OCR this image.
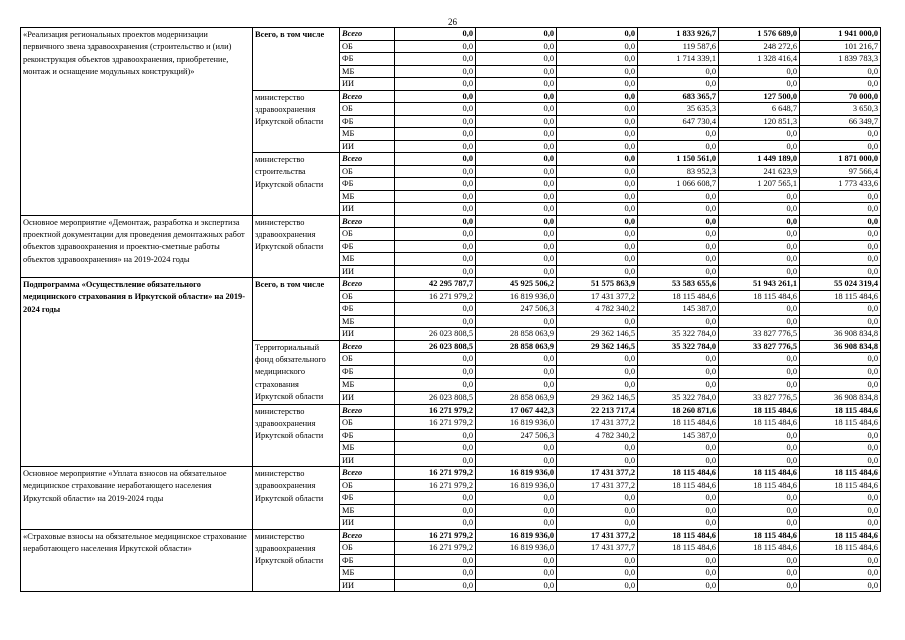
26
«Реализация региональных проектов модернизации первичного звена здравоохранения (строительство и (или) реконструкция объектов здравоохранения, приобретение, монтаж и оснащение модульных конструкций)»	Всего, в том числе	Всего	0,0	0,0	0,0	1 833 926,7	1 576 689,0	1 941 000,0
		ОБ	0,0	0,0	0,0	119 587,6	248 272,6	101 216,7
		ФБ	0,0	0,0	0,0	1 714 339,1	1 328 416,4	1 839 783,3
		МБ	0,0	0,0	0,0	0,0	0,0	0,0
		ИИ	0,0	0,0	0,0	0,0	0,0	0,0
	министерство здравоохранения Иркутской области	Всего	0,0	0,0	0,0	683 365,7	127 500,0	70 000,0
		ОБ	0,0	0,0	0,0	35 635,3	6 648,7	3 650,3
		ФБ	0,0	0,0	0,0	647 730,4	120 851,3	66 349,7
		МБ	0,0	0,0	0,0	0,0	0,0	0,0
		ИИ	0,0	0,0	0,0	0,0	0,0	0,0
	министерство строительства Иркутской области	Всего	0,0	0,0	0,0	1 150 561,0	1 449 189,0	1 871 000,0
		ОБ	0,0	0,0	0,0	83 952,3	241 623,9	97 566,4
		ФБ	0,0	0,0	0,0	1 066 608,7	1 207 565,1	1 773 433,6
		МБ	0,0	0,0	0,0	0,0	0,0	0,0
		ИИ	0,0	0,0	0,0	0,0	0,0	0,0
Основное мероприятие «Демонтаж, разработка и экспертиза проектной документации для проведения демонтажных работ объектов здравоохранения и проектно-сметные работы объектов здравоохранения» на 2019-2024 годы	министерство здравоохранения Иркутской области	Всего	0,0	0,0	0,0	0,0	0,0	0,0
		ОБ	0,0	0,0	0,0	0,0	0,0	0,0
		ФБ	0,0	0,0	0,0	0,0	0,0	0,0
		МБ	0,0	0,0	0,0	0,0	0,0	0,0
		ИИ	0,0	0,0	0,0	0,0	0,0	0,0
Подпрограмма «Осуществление обязательного медицинского страхования в Иркутской области» на 2019-2024 годы	Всего, в том числе	Всего	42 295 787,7	45 925 506,2	51 575 863,9	53 583 655,6	51 943 261,1	55 024 319,4
		ОБ	16 271 979,2	16 819 936,0	17 431 377,2	18 115 484,6	18 115 484,6	18 115 484,6
		ФБ	0,0	247 506,3	4 782 340,2	145 387,0	0,0	0,0
		МБ	0,0	0,0	0,0	0,0	0,0	0,0
		ИИ	26 023 808,5	28 858 063,9	29 362 146,5	35 322 784,0	33 827 776,5	36 908 834,8
	Территориальный фонд обязательного медицинского страхования Иркутской области	Всего	26 023 808,5	28 858 063,9	29 362 146,5	35 322 784,0	33 827 776,5	36 908 834,8
		ОБ	0,0	0,0	0,0	0,0	0,0	0,0
		ФБ	0,0	0,0	0,0	0,0	0,0	0,0
		МБ	0,0	0,0	0,0	0,0	0,0	0,0
		ИИ	26 023 808,5	28 858 063,9	29 362 146,5	35 322 784,0	33 827 776,5	36 908 834,8
	министерство здравоохранения Иркутской области	Всего	16 271 979,2	17 067 442,3	22 213 717,4	18 260 871,6	18 115 484,6	18 115 484,6
		ОБ	16 271 979,2	16 819 936,0	17 431 377,2	18 115 484,6	18 115 484,6	18 115 484,6
		ФБ	0,0	247 506,3	4 782 340,2	145 387,0	0,0	0,0
		МБ	0,0	0,0	0,0	0,0	0,0	0,0
		ИИ	0,0	0,0	0,0	0,0	0,0	0,0
Основное мероприятие «Уплата взносов на обязательное медицинское страхование неработающего населения Иркутской области» на 2019-2024 годы	министерство здравоохранения Иркутской области	Всего	16 271 979,2	16 819 936,0	17 431 377,2	18 115 484,6	18 115 484,6	18 115 484,6
		ОБ	16 271 979,2	16 819 936,0	17 431 377,2	18 115 484,6	18 115 484,6	18 115 484,6
		ФБ	0,0	0,0	0,0	0,0	0,0	0,0
		МБ	0,0	0,0	0,0	0,0	0,0	0,0
		ИИ	0,0	0,0	0,0	0,0	0,0	0,0
«Страховые взносы на обязательное медицинское страхование неработающего населения Иркутской области»	министерство здравоохранения Иркутской области	Всего	16 271 979,2	16 819 936,0	17 431 377,2	18 115 484,6	18 115 484,6	18 115 484,6
		ОБ	16 271 979,2	16 819 936,0	17 431 377,7	18 115 484,6	18 115 484,6	18 115 484,6
		ФБ	0,0	0,0	0,0	0,0	0,0	0,0
		МБ	0,0	0,0	0,0	0,0	0,0	0,0
		ИИ	0,0	0,0	0,0	0,0	0,0	0,0
